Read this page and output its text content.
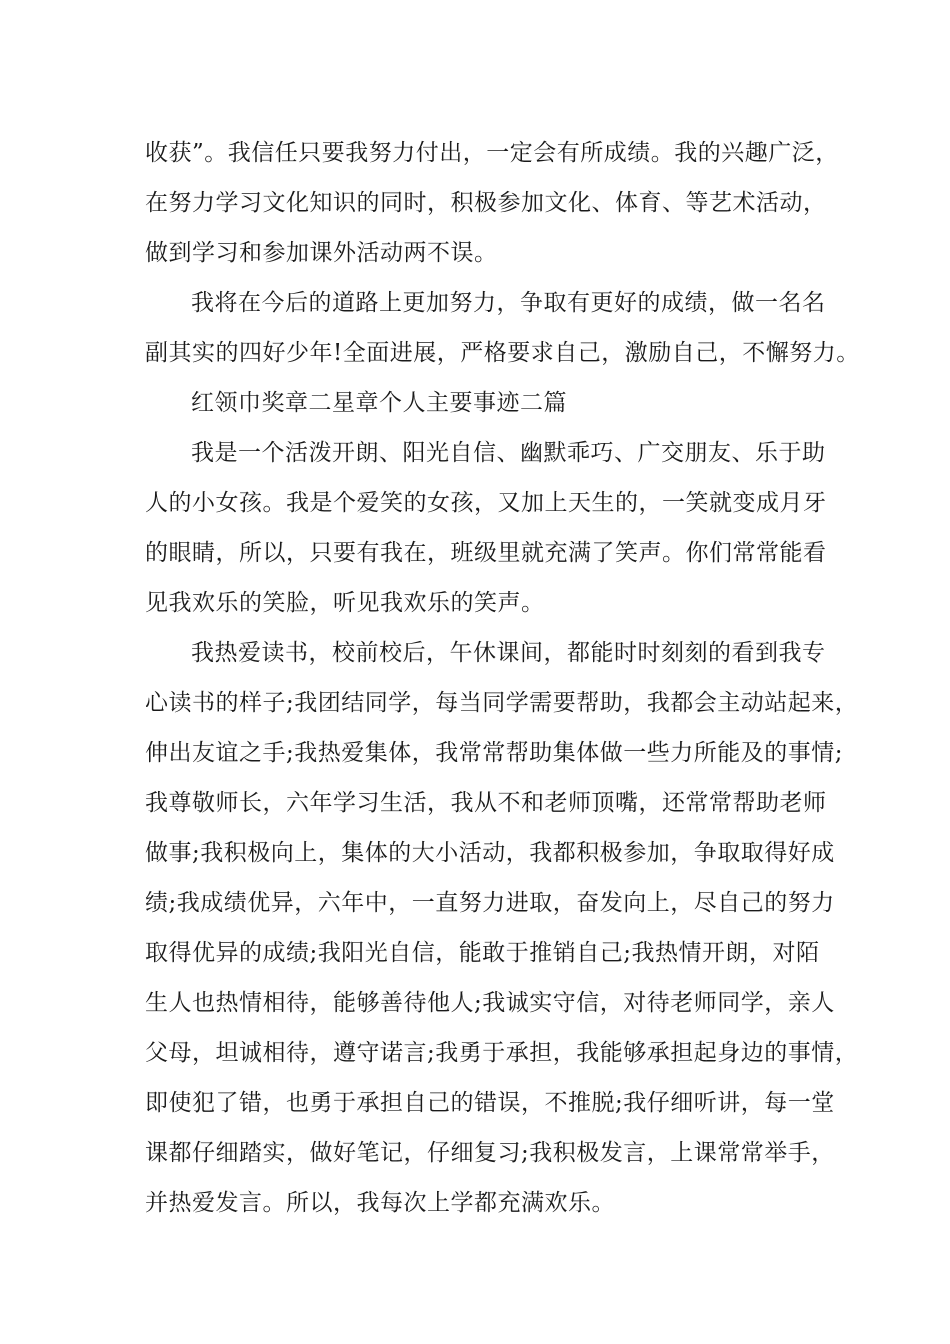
收获”。我信任只要我努力付出，一定会有所成绩。我的兴趣广泛，
在努力学习文化知识的同时，积极参加文化、体育、等艺术活动，
做到学习和参加课外活动两不误。
我将在今后的道路上更加努力，争取有更好的成绩，做一名名
副其实的四好少年!全面进展，严格要求自己，激励自己，不懈努力。
红领巾奖章二星章个人主要事迹二篇
我是一个活泼开朗、阳光自信、幽默乖巧、广交朋友、乐于助
人的小女孩。我是个爱笑的女孩，又加上天生的，一笑就变成月牙
的眼睛，所以，只要有我在，班级里就充满了笑声。你们常常能看
见我欢乐的笑脸，听见我欢乐的笑声。
我热爱读书，校前校后，午休课间，都能时时刻刻的看到我专
心读书的样子;我团结同学，每当同学需要帮助，我都会主动站起来，
伸出友谊之手;我热爱集体，我常常帮助集体做一些力所能及的事情;
我尊敬师长，六年学习生活，我从不和老师顶嘴，还常常帮助老师
做事;我积极向上，集体的大小活动，我都积极参加，争取取得好成
绩;我成绩优异，六年中，一直努力进取，奋发向上，尽自己的努力
取得优异的成绩;我阳光自信，能敢于推销自己;我热情开朗，对陌
生人也热情相待，能够善待他人;我诚实守信，对待老师同学，亲人
父母，坦诚相待，遵守诺言;我勇于承担，我能够承担起身边的事情，
即使犯了错，也勇于承担自己的错误，不推脱;我仔细听讲，每一堂
课都仔细踏实，做好笔记，仔细复习;我积极发言，上课常常举手，
并热爱发言。所以，我每次上学都充满欢乐。
